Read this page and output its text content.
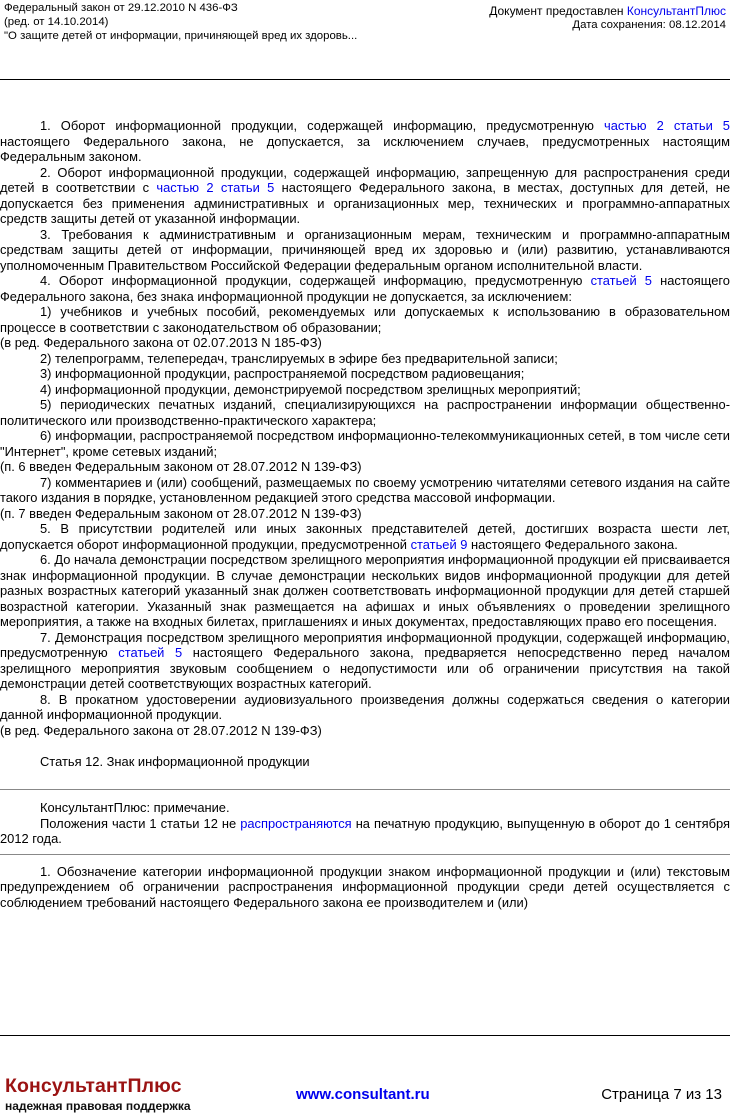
Федеральный закон от 29.12.2010 N 436-ФЗ
(ред. от 14.10.2014)
"О защите детей от информации, причиняющей вред их здоровь...
Документ предоставлен КонсультантПлюс
Дата сохранения: 08.12.2014

1. Оборот информационной продукции, содержащей информацию, предусмотренную частью 2 статьи 5 настоящего Федерального закона, не допускается, за исключением случаев, предусмотренных настоящим Федеральным законом.

2. Оборот информационной продукции, содержащей информацию, запрещенную для распространения среди детей в соответствии с частью 2 статьи 5 настоящего Федерального закона, в местах, доступных для детей, не допускается без применения административных и организационных мер, технических и программно-аппаратных средств защиты детей от указанной информации.

3. Требования к административным и организационным мерам, техническим и программно-аппаратным средствам защиты детей от информации, причиняющей вред их здоровью и (или) развитию, устанавливаются уполномоченным Правительством Российской Федерации федеральным органом исполнительной власти.

4. Оборот информационной продукции, содержащей информацию, предусмотренную статьей 5 настоящего Федерального закона, без знака информационной продукции не допускается, за исключением:

1) учебников и учебных пособий, рекомендуемых или допускаемых к использованию в образовательном процессе в соответствии с законодательством об образовании;

(в ред. Федерального закона от 02.07.2013 N 185-ФЗ)

2) телепрограмм, телепередач, транслируемых в эфире без предварительной записи;

3) информационной продукции, распространяемой посредством радиовещания;

4) информационной продукции, демонстрируемой посредством зрелищных мероприятий;

5) периодических печатных изданий, специализирующихся на распространении информации общественно-политического или производственно-практического характера;

6) информации, распространяемой посредством информационно-телекоммуникационных сетей, в том числе сети "Интернет", кроме сетевых изданий;

(п. 6 введен Федеральным законом от 28.07.2012 N 139-ФЗ)

7) комментариев и (или) сообщений, размещаемых по своему усмотрению читателями сетевого издания на сайте такого издания в порядке, установленном редакцией этого средства массовой информации.

(п. 7 введен Федеральным законом от 28.07.2012 N 139-ФЗ)

5. В присутствии родителей или иных законных представителей детей, достигших возраста шести лет, допускается оборот информационной продукции, предусмотренной статьей 9 настоящего Федерального закона.

6. До начала демонстрации посредством зрелищного мероприятия информационной продукции ей присваивается знак информационной продукции. В случае демонстрации нескольких видов информационной продукции для детей разных возрастных категорий указанный знак должен соответствовать информационной продукции для детей старшей возрастной категории. Указанный знак размещается на афишах и иных объявлениях о проведении зрелищного мероприятия, а также на входных билетах, приглашениях и иных документах, предоставляющих право его посещения.

7. Демонстрация посредством зрелищного мероприятия информационной продукции, содержащей информацию, предусмотренную статьей 5 настоящего Федерального закона, предваряется непосредственно перед началом зрелищного мероприятия звуковым сообщением о недопустимости или об ограничении присутствия на такой демонстрации детей соответствующих возрастных категорий.

8. В прокатном удостоверении аудиовизуального произведения должны содержаться сведения о категории данной информационной продукции.

(в ред. Федерального закона от 28.07.2012 N 139-ФЗ)

Статья 12. Знак информационной продукции

КонсультантПлюс: примечание.

Положения части 1 статьи 12 не распространяются на печатную продукцию, выпущенную в оборот до 1 сентября 2012 года.

1. Обозначение категории информационной продукции знаком информационной продукции и (или) текстовым предупреждением об ограничении распространения информационной продукции среди детей осуществляется с соблюдением требований настоящего Федерального закона ее производителем и (или)

КонсультантПлюс
надежная правовая поддержка
www.consultant.ru	Страница 7 из 13
